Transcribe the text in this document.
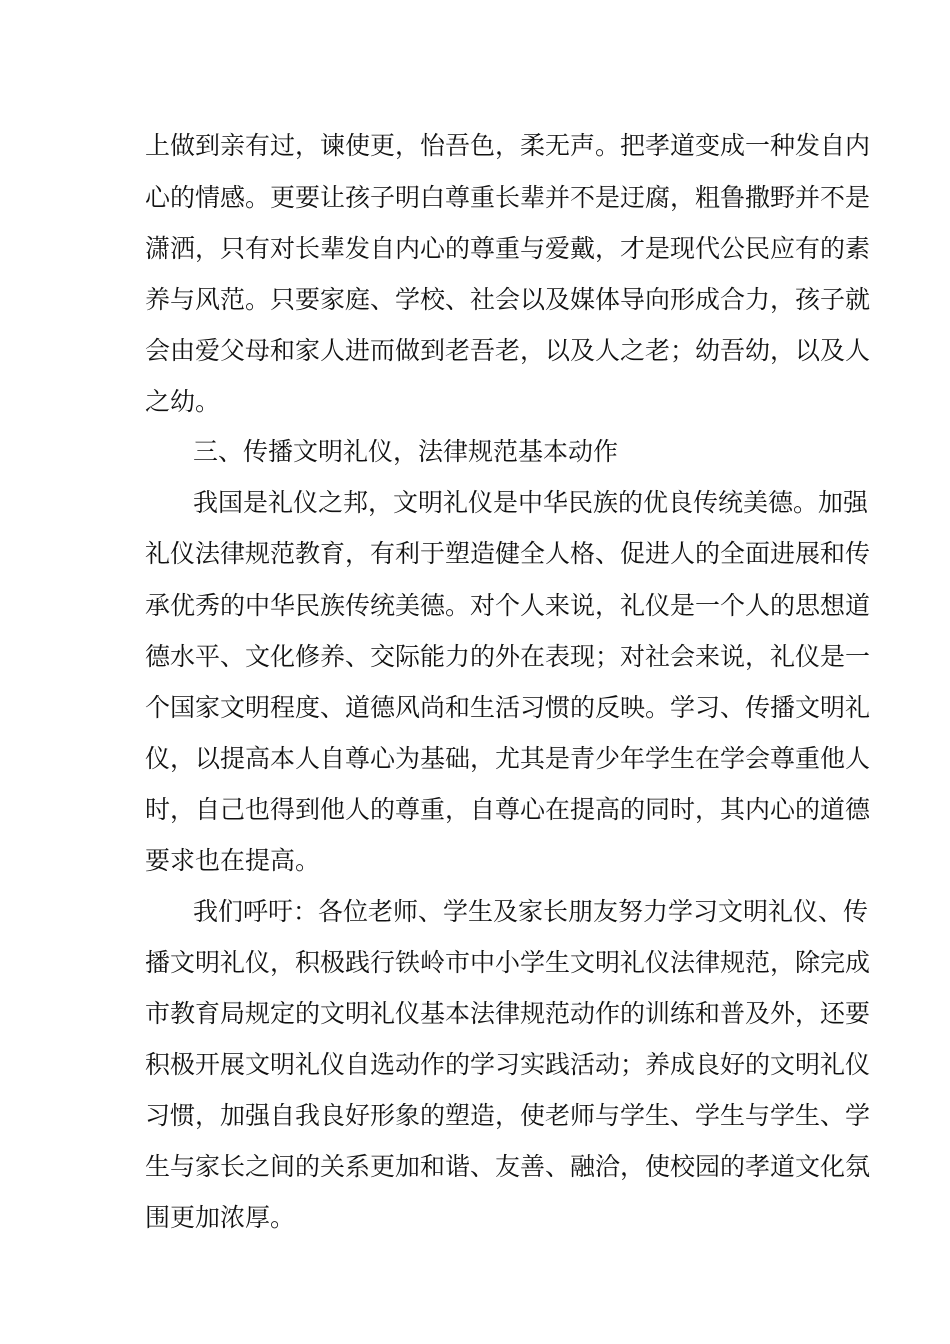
上做到亲有过，谏使更，怡吾色，柔无声。把孝道变成一种发自内

心的情感。更要让孩子明白尊重长辈并不是迂腐，粗鲁撒野并不是

潇洒，只有对长辈发自内心的尊重与爱戴，才是现代公民应有的素

养与风范。只要家庭、学校、社会以及媒体导向形成合力，孩子就

会由爱父母和家人进而做到老吾老，以及人之老；幼吾幼，以及人

之幼。

三、传播文明礼仪，法律规范基本动作

我国是礼仪之邦，文明礼仪是中华民族的优良传统美德。加强

礼仪法律规范教育，有利于塑造健全人格、促进人的全面进展和传

承优秀的中华民族传统美德。对个人来说，礼仪是一个人的思想道

德水平、文化修养、交际能力的外在表现；对社会来说，礼仪是一

个国家文明程度、道德风尚和生活习惯的反映。学习、传播文明礼

仪，以提高本人自尊心为基础，尤其是青少年学生在学会尊重他人

时，自己也得到他人的尊重，自尊心在提高的同时，其内心的道德

要求也在提高。

我们呼吁：各位老师、学生及家长朋友努力学习文明礼仪、传

播文明礼仪，积极践行铁岭市中小学生文明礼仪法律规范，除完成

市教育局规定的文明礼仪基本法律规范动作的训练和普及外，还要

积极开展文明礼仪自选动作的学习实践活动；养成良好的文明礼仪

习惯，加强自我良好形象的塑造，使老师与学生、学生与学生、学

生与家长之间的关系更加和谐、友善、融洽，使校园的孝道文化氛

围更加浓厚。
